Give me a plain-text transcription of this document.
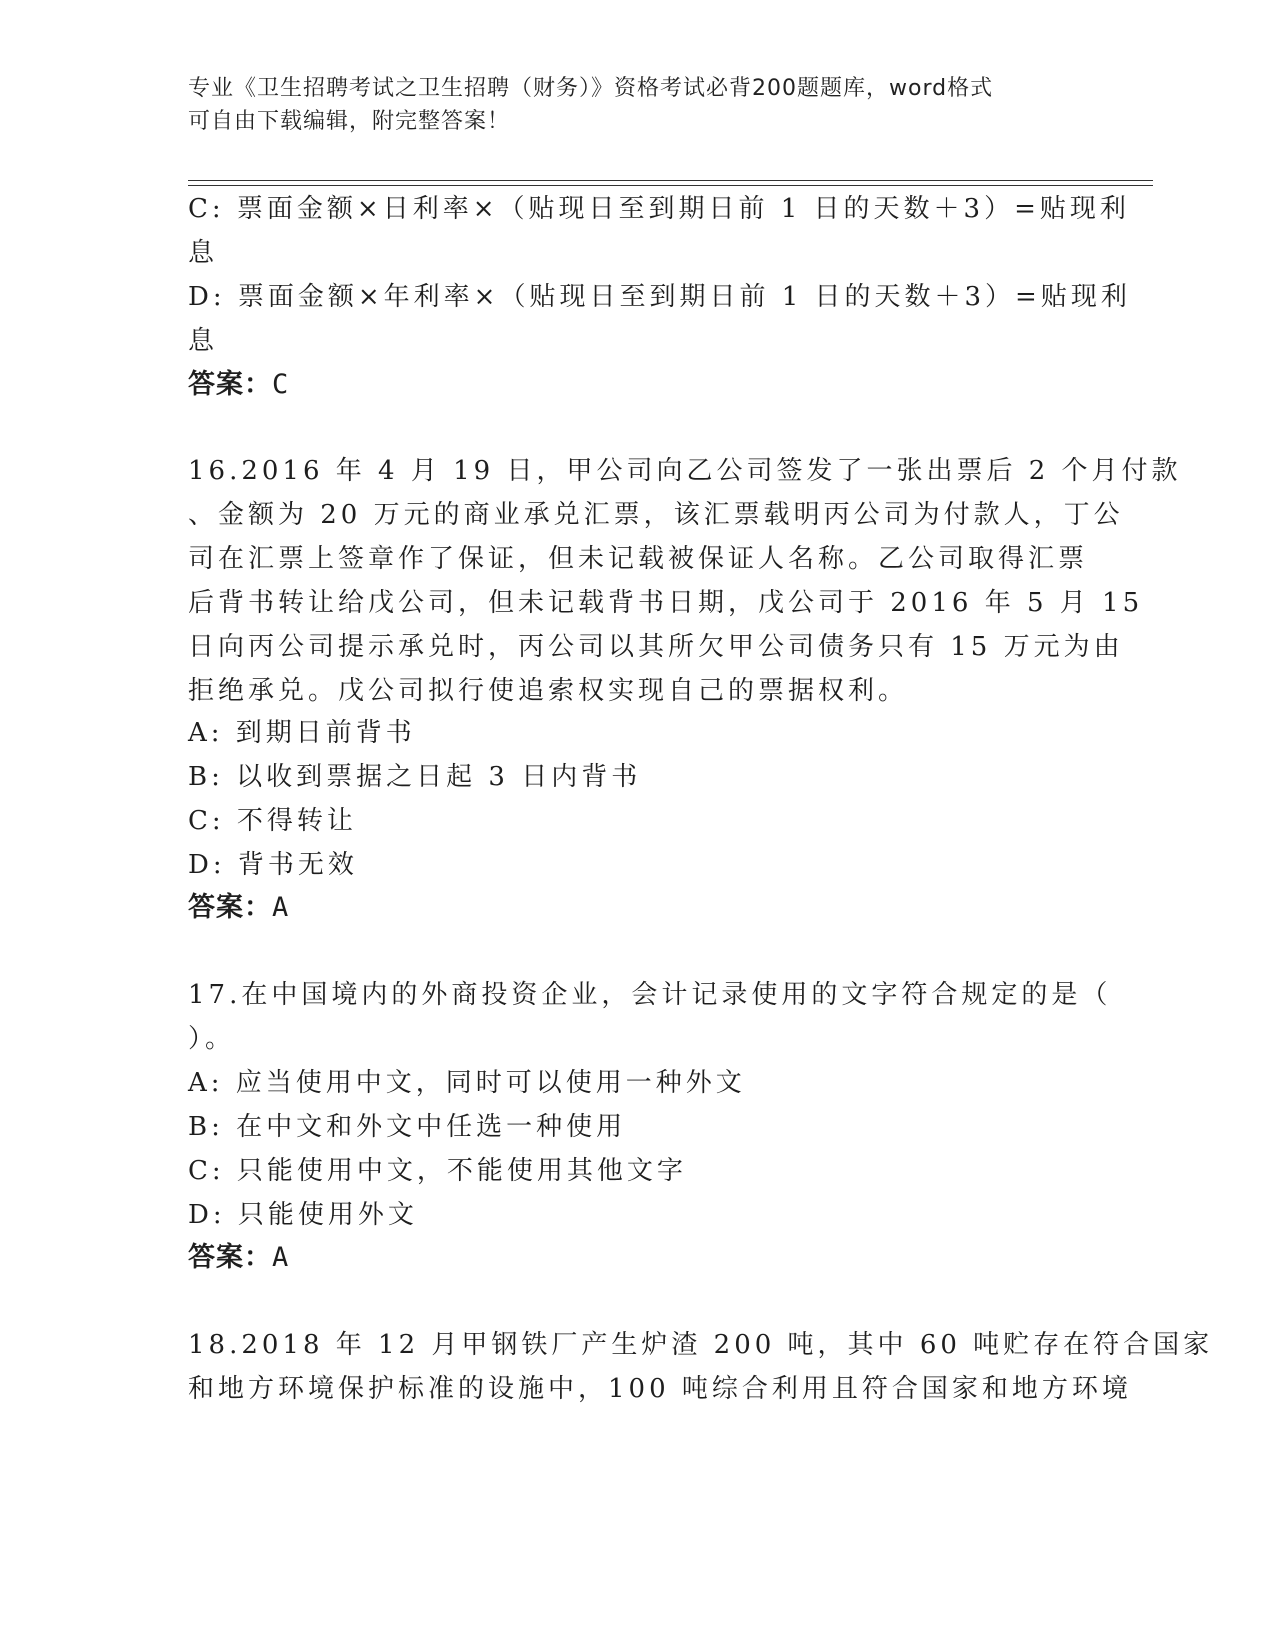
专业《卫生招聘考试之卫生招聘（财务）》资格考试必背200题题库，word格式
可自由下载编辑，附完整答案！
C: 票面金额×日利率×（贴现日至到期日前 1 日的天数＋3）=贴现利
息
D: 票面金额×年利率×（贴现日至到期日前 1 日的天数＋3）=贴现利
息
答案：C
16.2016 年 4 月 19 日，甲公司向乙公司签发了一张出票后 2 个月付款
、金额为 20 万元的商业承兑汇票，该汇票载明丙公司为付款人，丁公
司在汇票上签章作了保证，但未记载被保证人名称。乙公司取得汇票
后背书转让给戊公司，但未记载背书日期，戊公司于 2016 年 5 月 15
日向丙公司提示承兑时，丙公司以其所欠甲公司债务只有 15 万元为由
拒绝承兑。戊公司拟行使追索权实现自己的票据权利。
A: 到期日前背书
B: 以收到票据之日起 3 日内背书
C: 不得转让
D: 背书无效
答案：A
17.在中国境内的外商投资企业，会计记录使用的文字符合规定的是（
）。
A: 应当使用中文，同时可以使用一种外文
B: 在中文和外文中任选一种使用
C: 只能使用中文，不能使用其他文字
D: 只能使用外文
答案：A
18.2018 年 12 月甲钢铁厂产生炉渣 200 吨，其中 60 吨贮存在符合国家
和地方环境保护标准的设施中，100 吨综合利用且符合国家和地方环境
